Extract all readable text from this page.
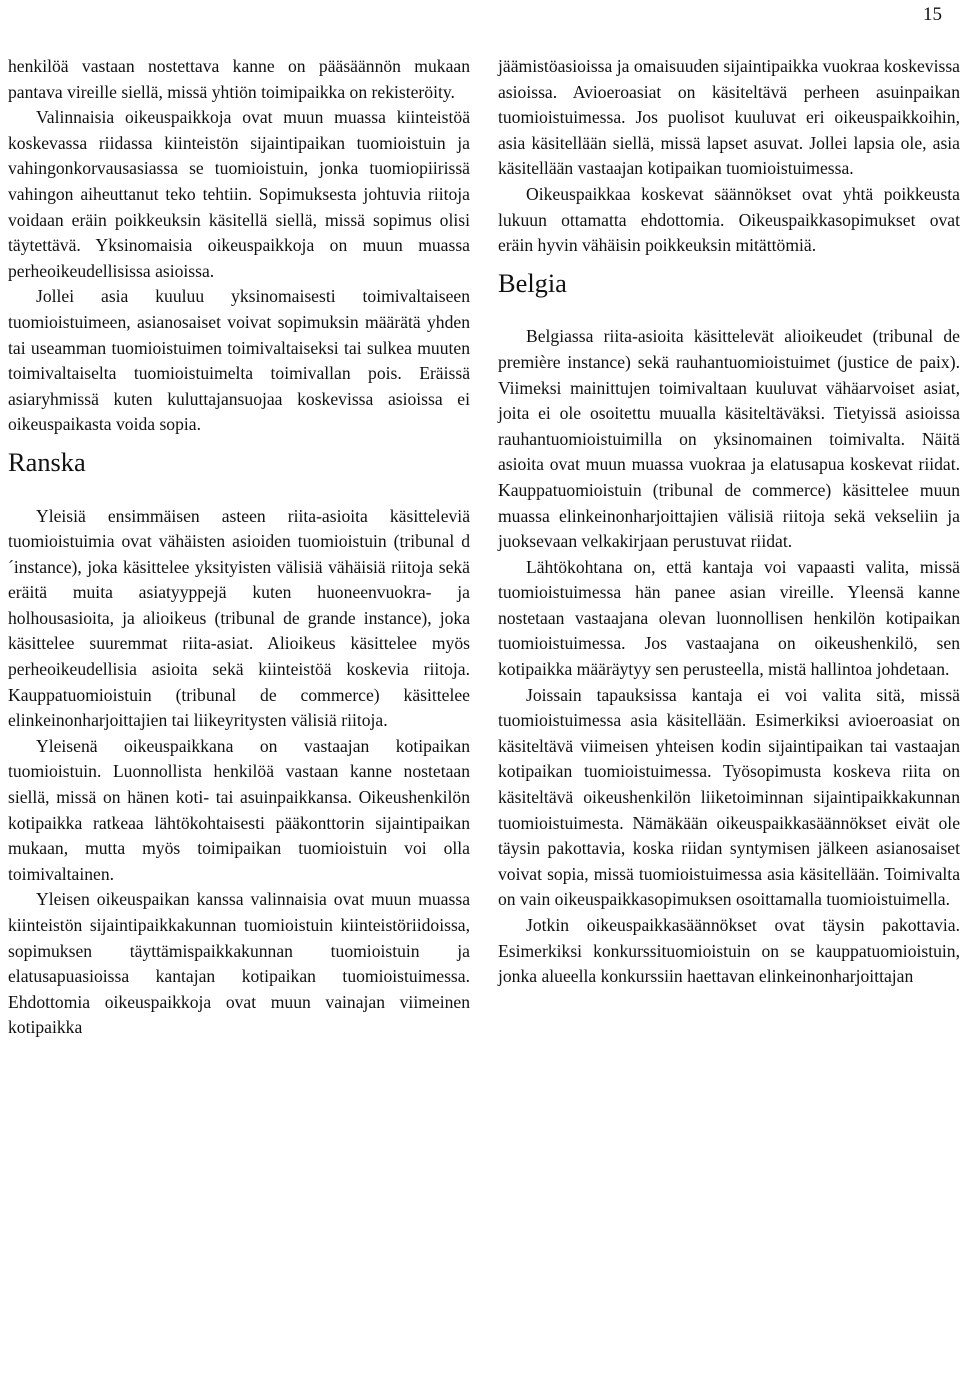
15

henkilöä vastaan nostettava kanne on pääsäännön mukaan pantava vireille siellä, missä yhtiön toimipaikka on rekisteröity.

Valinnaisia oikeuspaikkoja ovat muun muassa kiinteistöä koskevassa riidassa kiinteistön sijaintipaikan tuomioistuin ja vahingonkorvausasiassa se tuomioistuin, jonka tuomiopiirissä vahingon aiheuttanut teko tehtiin. Sopimuksesta johtuvia riitoja voidaan eräin poikkeuksin käsitellä siellä, missä sopimus olisi täytettävä. Yksinomaisia oikeuspaikkoja on muun muassa perheoikeudellisissa asioissa.

Jollei asia kuuluu yksinomaisesti toimivaltaiseen tuomioistuimeen, asianosaiset voivat sopimuksin määrätä yhden tai useamman tuomioistuimen toimivaltaiseksi tai sulkea muuten toimivaltaiselta tuomioistuimelta toimivallan pois. Eräissä asiaryhmissä kuten kuluttajansuojaa koskevissa asioissa ei oikeuspaikasta voida sopia.

Ranska

Yleisiä ensimmäisen asteen riita-asioita käsitteleviä tuomioistuimia ovat vähäisten asioiden tuomioistuin (tribunal d´instance), joka käsittelee yksityisten välisiä vähäisiä riitoja sekä eräitä muita asiatyyppejä kuten huoneenvuokra- ja holhousasioita, ja alioikeus (tribunal de grande instance), joka käsittelee suuremmat riita-asiat. Alioikeus käsittelee myös perheoikeudellisia asioita sekä kiinteistöä koskevia riitoja. Kauppatuomioistuin (tribunal de commerce) käsittelee elinkeinonharjoittajien tai liikeyritysten välisiä riitoja.

Yleisenä oikeuspaikkana on vastaajan kotipaikan tuomioistuin. Luonnollista henkilöä vastaan kanne nostetaan siellä, missä on hänen koti- tai asuinpaikkansa. Oikeushenkilön kotipaikka ratkeaa lähtökohtaisesti pääkonttorin sijaintipaikan mukaan, mutta myös toimipaikan tuomioistuin voi olla toimivaltainen.

Yleisen oikeuspaikan kanssa valinnaisia ovat muun muassa kiinteistön sijaintipaikkakunnan tuomioistuin kiinteistöriidoissa, sopimuksen täyttämispaikkakunnan tuomioistuin ja elatusapuasioissa kantajan kotipaikan tuomioistuimessa. Ehdottomia oikeuspaikkoja ovat muun vainajan viimeinen kotipaikka

jäämistöasioissa ja omaisuuden sijaintipaikka vuokraa koskevissa asioissa. Avioeroasiat on käsiteltävä perheen asuinpaikan tuomioistuimessa. Jos puolisot kuuluvat eri oikeuspaikkoihin, asia käsitellään siellä, missä lapset asuvat. Jollei lapsia ole, asia käsitellään vastaajan kotipaikan tuomioistuimessa.

Oikeuspaikkaa koskevat säännökset ovat yhtä poikkeusta lukuun ottamatta ehdottomia. Oikeuspaikkasopimukset ovat eräin hyvin vähäisin poikkeuksin mitättömiä.

Belgia

Belgiassa riita-asioita käsittelevät alioikeudet (tribunal de première instance) sekä rauhantuomioistuimet (justice de paix). Viimeksi mainittujen toimivaltaan kuuluvat vähäarvoiset asiat, joita ei ole osoitettu muualla käsiteltäväksi. Tietyissä asioissa rauhantuomioistuimilla on yksinomainen toimivalta. Näitä asioita ovat muun muassa vuokraa ja elatusapua koskevat riidat. Kauppatuomioistuin (tribunal de commerce) käsittelee muun muassa elinkeinonharjoittajien välisiä riitoja sekä vekseliin ja juoksevaan velkakirjaan perustuvat riidat.

Lähtökohtana on, että kantaja voi vapaasti valita, missä tuomioistuimessa hän panee asian vireille. Yleensä kanne nostetaan vastaajana olevan luonnollisen henkilön kotipaikan tuomioistuimessa. Jos vastaajana on oikeushenkilö, sen kotipaikka määräytyy sen perusteella, mistä hallintoa johdetaan.

Joissain tapauksissa kantaja ei voi valita sitä, missä tuomioistuimessa asia käsitellään. Esimerkiksi avioeroasiat on käsiteltävä viimeisen yhteisen kodin sijaintipaikan tai vastaajan kotipaikan tuomioistuimessa. Työsopimusta koskeva riita on käsiteltävä oikeushenkilön liiketoiminnan sijaintipaikkakunnan tuomioistuimesta. Nämäkään oikeuspaikkasäännökset eivät ole täysin pakottavia, koska riidan syntymisen jälkeen asianosaiset voivat sopia, missä tuomioistuimessa asia käsitellään. Toimivalta on vain oikeuspaikkasopimuksen osoittamalla tuomioistuimella.

Jotkin oikeuspaikkasäännökset ovat täysin pakottavia. Esimerkiksi konkurssituomioistuin on se kauppatuomioistuin, jonka alueella konkurssiin haettavan elinkeinonharjoittajan
